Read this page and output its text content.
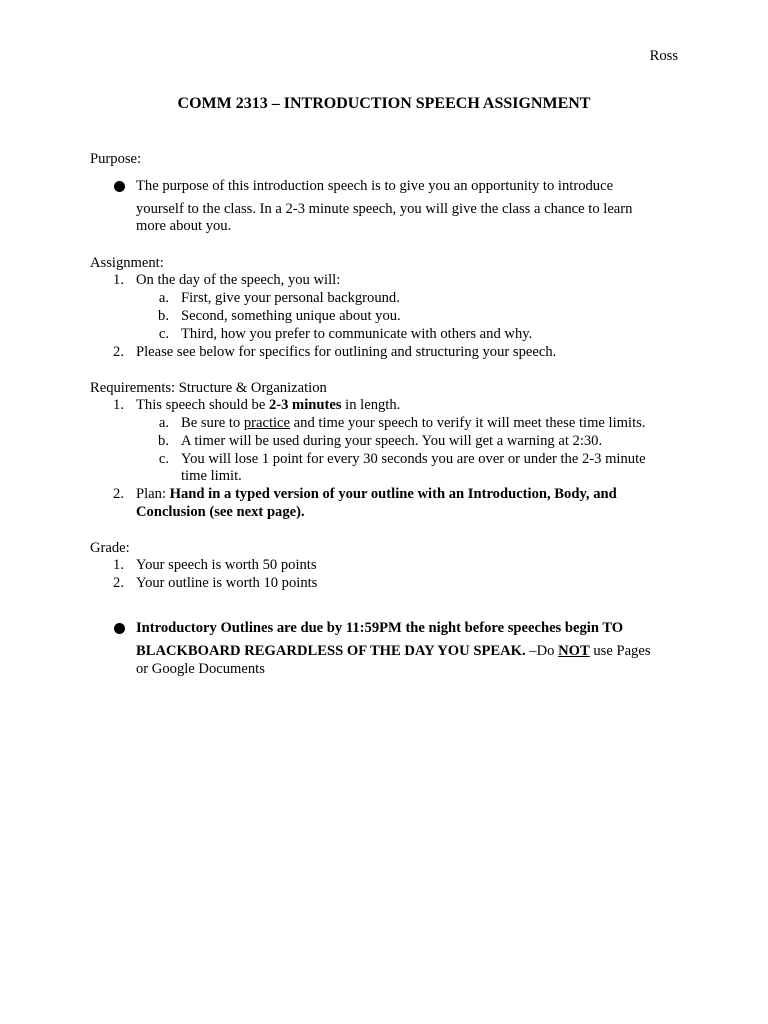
Ross
COMM 2313 – INTRODUCTION SPEECH ASSIGNMENT
Purpose:
The purpose of this introduction speech is to give you an opportunity to introduce
yourself to the class. In a 2-3 minute speech, you will give the class a chance to learn
more about you.
Assignment:
1. On the day of the speech, you will:
a. First, give your personal background.
b. Second, something unique about you.
c. Third, how you prefer to communicate with others and why.
2. Please see below for specifics for outlining and structuring your speech.
Requirements: Structure & Organization
1. This speech should be 2-3 minutes in length.
a. Be sure to practice and time your speech to verify it will meet these time limits.
b. A timer will be used during your speech. You will get a warning at 2:30.
c. You will lose 1 point for every 30 seconds you are over or under the 2-3 minute
time limit.
2. Plan: Hand in a typed version of your outline with an Introduction, Body, and
Conclusion (see next page).
Grade:
1. Your speech is worth 50 points
2. Your outline is worth 10 points
Introductory Outlines are due by 11:59PM the night before speeches begin TO
BLACKBOARD REGARDLESS OF THE DAY YOU SPEAK. –Do NOT use Pages
or Google Documents
